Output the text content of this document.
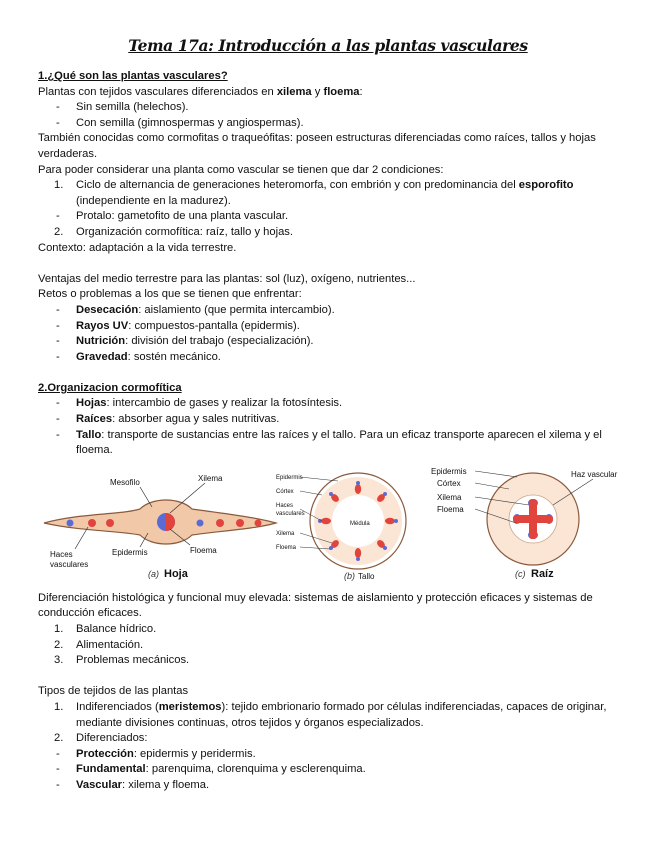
Tema 17a: Introducción a las plantas vasculares

1.¿Qué son las plantas vasculares?

Plantas con tejidos vasculares diferenciados en xilema y floema:

- Sin semilla (helechos).
- Con semilla (gimnospermas y angiospermas).

También conocidas como cormofitas o traqueófitas: poseen estructuras diferenciadas como raíces, tallos y hojas verdaderas.

Para poder considerar una planta como vascular se tienen que dar 2 condiciones:

1. Ciclo de alternancia de generaciones heteromorfa, con embrión y con predominancia del esporofito (independiente en la madurez).
- Protalo: gametofito de una planta vascular.
2. Organización cormofítica: raíz, tallo y hojas.

Contexto: adaptación a la vida terrestre.

Ventajas del medio terrestre para las plantas: sol (luz), oxígeno, nutrientes...

Retos o problemas a los que se tienen que enfrentar:

- Desecación: aislamiento (que permita intercambio).
- Rayos UV: compuestos-pantalla (epidermis).
- Nutrición: división del trabajo (especialización).
- Gravedad: sostén mecánico.

2.Organizacion cormofítica

- Hojas: intercambio de gases y realizar la fotosíntesis.
- Raíces: absorber agua y sales nutritivas.
- Tallo: transporte de sustancias entre las raíces y el tallo. Para un eficaz transporte aparecen el xilema y el floema.
Mesofilo	Xilema
Haces
vasculares
Epidermis	Floema
(a) Hoja
Epidermis
Córtex
Haces
vasculares
Médula
Xilema
Floema
(b) Tallo
Epidermis
Córtex
Xilema
Floema
Haz vascular
(c) Raíz

Diferenciación histológica y funcional muy elevada: sistemas de aislamiento y protección eficaces y sistemas de conducción eficaces.

1. Balance hídrico.
2. Alimentación.
3. Problemas mecánicos.

Tipos de tejidos de las plantas

1. Indiferenciados (meristemos): tejido embrionario formado por células indiferenciadas, capaces de originar, mediante divisiones continuas, otros tejidos y órganos especializados.
2. Diferenciados:
- Protección: epidermis y peridermis.
- Fundamental: parenquima, clorenquima y esclerenquima.
- Vascular: xilema y floema.
